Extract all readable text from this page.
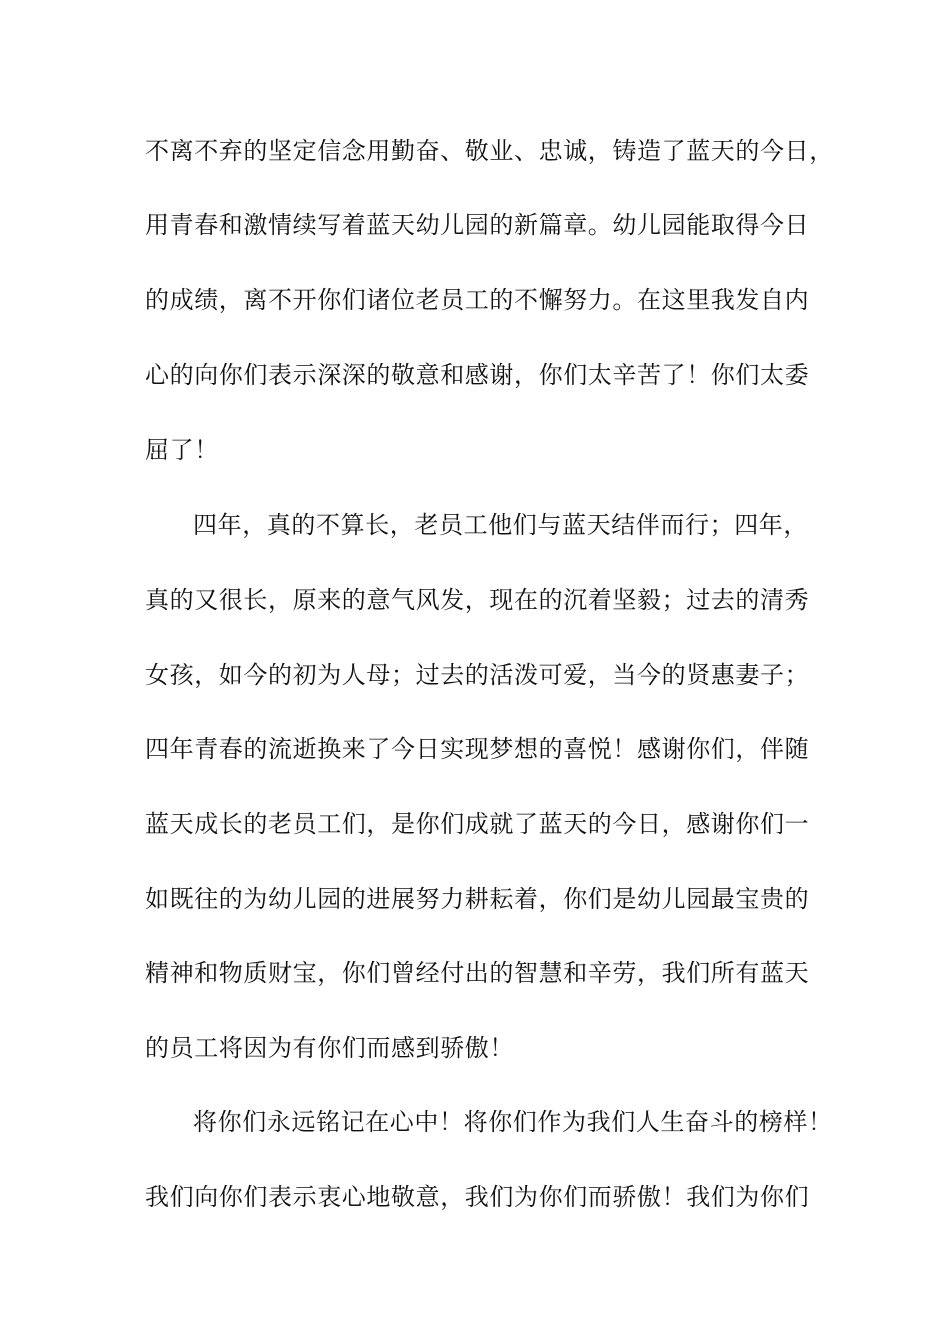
不离不弃的坚定信念用勤奋、敬业、忠诚，铸造了蓝天的今日，
用青春和激情续写着蓝天幼儿园的新篇章。幼儿园能取得今日
的成绩，离不开你们诸位老员工的不懈努力。在这里我发自内
心的向你们表示深深的敬意和感谢，你们太辛苦了！你们太委
屈了！
四年，真的不算长，老员工他们与蓝天结伴而行；四年，
真的又很长，原来的意气风发，现在的沉着坚毅；过去的清秀
女孩，如今的初为人母；过去的活泼可爱，当今的贤惠妻子；
四年青春的流逝换来了今日实现梦想的喜悦！感谢你们，伴随
蓝天成长的老员工们，是你们成就了蓝天的今日，感谢你们一
如既往的为幼儿园的进展努力耕耘着，你们是幼儿园最宝贵的
精神和物质财宝，你们曾经付出的智慧和辛劳，我们所有蓝天
的员工将因为有你们而感到骄傲！
将你们永远铭记在心中！将你们作为我们人生奋斗的榜样！
我们向你们表示衷心地敬意，我们为你们而骄傲！我们为你们
